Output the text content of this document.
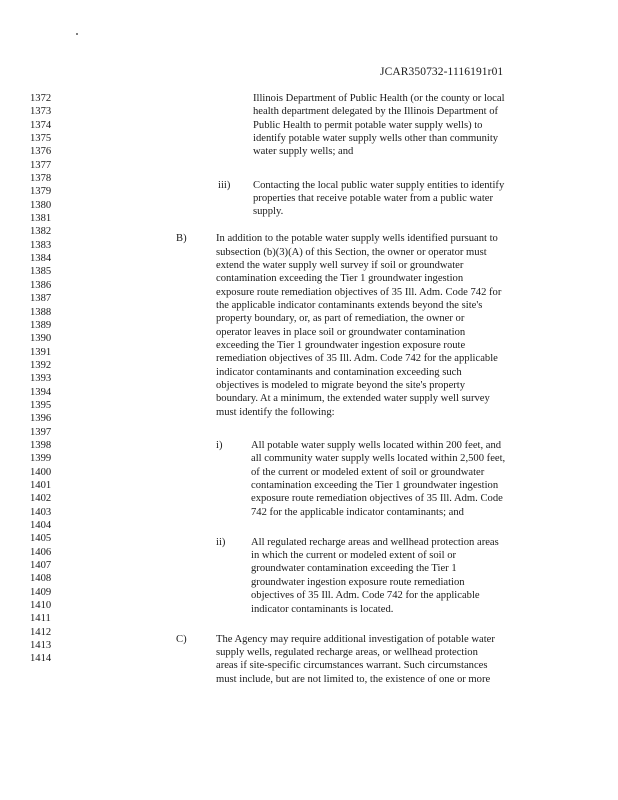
JCAR350732-1116191r01
1372
1373
1374
1375
1376
1377
1378
1379
1380
1381
1382
1383
1384
1385
1386
1387
1388
1389
1390
1391
1392
1393
1394
1395
1396
1397
1398
1399
1400
1401
1402
1403
1404
1405
1406
1407
1408
1409
1410
1411
1412
1413
1414
Illinois Department of Public Health (or the county or local
health department delegated by the Illinois Department of
Public Health to permit potable water supply wells) to
identify potable water supply wells other than community
water supply wells; and
iii) Contacting the local public water supply entities to identify
properties that receive potable water from a public water
supply.
B)	In addition to the potable water supply wells identified pursuant to
subsection (b)(3)(A) of this Section, the owner or operator must
extend the water supply well survey if soil or groundwater
contamination exceeding the Tier 1 groundwater ingestion
exposure route remediation objectives of 35 Ill. Adm. Code 742 for
the applicable indicator contaminants extends beyond the site's
property boundary, or, as part of remediation, the owner or
operator leaves in place soil or groundwater contamination
exceeding the Tier 1 groundwater ingestion exposure route
remediation objectives of 35 Ill. Adm. Code 742 for the applicable
indicator contaminants and contamination exceeding such
objectives is modeled to migrate beyond the site's property
boundary. At a minimum, the extended water supply well survey
must identify the following:
i)	All potable water supply wells located within 200 feet, and
all community water supply wells located within 2,500 feet,
of the current or modeled extent of soil or groundwater
contamination exceeding the Tier 1 groundwater ingestion
exposure route remediation objectives of 35 Ill. Adm. Code
742 for the applicable indicator contaminants; and
ii) All regulated recharge areas and wellhead protection areas
in which the current or modeled extent of soil or
groundwater contamination exceeding the Tier 1
groundwater ingestion exposure route remediation
objectives of 35 Ill. Adm. Code 742 for the applicable
indicator contaminants is located.
C)	The Agency may require additional investigation of potable water
supply wells, regulated recharge areas, or wellhead protection
areas if site-specific circumstances warrant. Such circumstances
must include, but are not limited to, the existence of one or more
